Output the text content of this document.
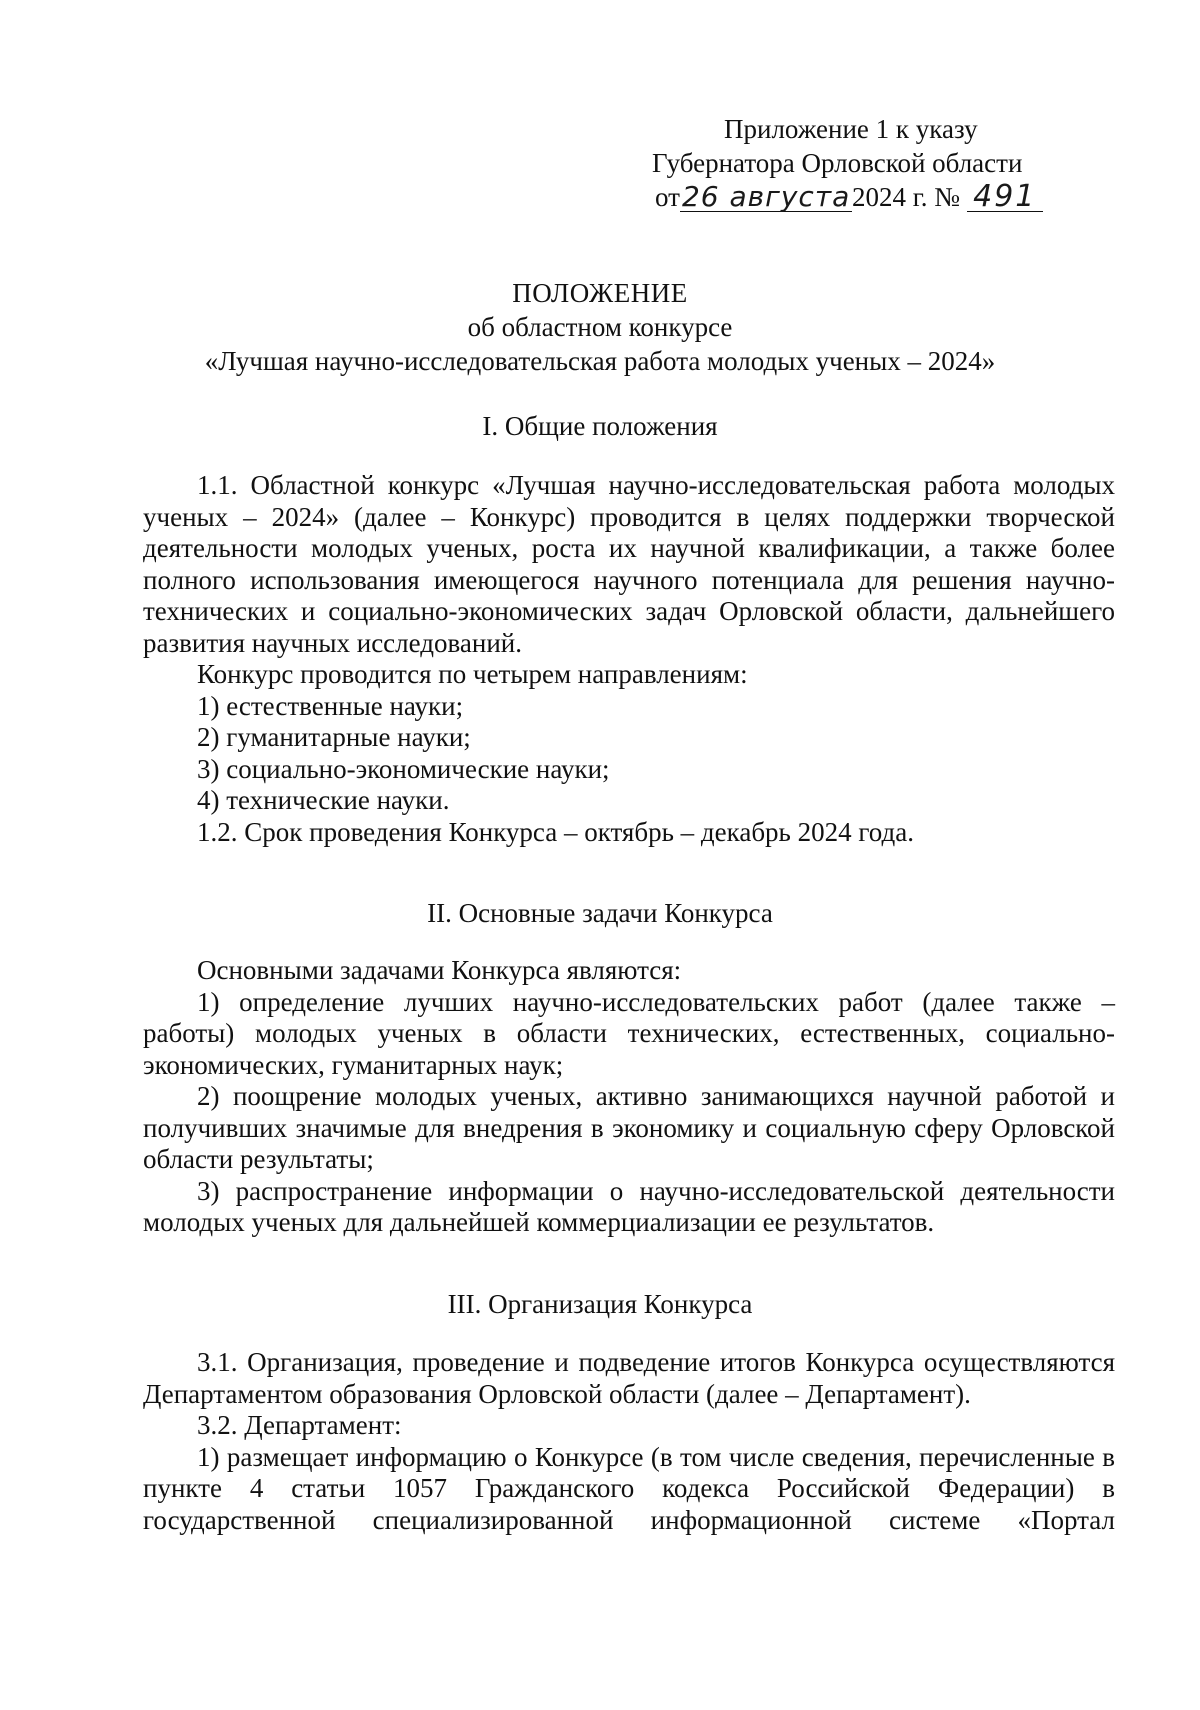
Приложение 1 к указу
Губернатора Орловской области
от26 августа2024 г. № 491
ПОЛОЖЕНИЕ
об областном конкурсе
«Лучшая научно-исследовательская работа молодых ученых – 2024»
I. Общие положения

1.1. Областной конкурс «Лучшая научно-исследовательская работа молодых ученых – 2024» (далее – Конкурс) проводится в целях поддержки творческой деятельности молодых ученых, роста их научной квалификации, а также более полного использования имеющегося научного потенциала для решения научно-технических и социально-экономических задач Орловской области, дальнейшего развития научных исследований.

Конкурс проводится по четырем направлениям:

1) естественные науки;

2) гуманитарные науки;

3) социально-экономические науки;

4) технические науки.

1.2. Срок проведения Конкурса – октябрь – декабрь 2024 года.

II. Основные задачи Конкурса

Основными задачами Конкурса являются:

1) определение лучших научно-исследовательских работ (далее также – работы) молодых ученых в области технических, естественных, социально-экономических, гуманитарных наук;

2) поощрение молодых ученых, активно занимающихся научной работой и получивших значимые для внедрения в экономику и социальную сферу Орловской области результаты;

3) распространение информации о научно-исследовательской деятельности молодых ученых для дальнейшей коммерциализации ее результатов.

III. Организация Конкурса

3.1. Организация, проведение и подведение итогов Конкурса осуществляются Департаментом образования Орловской области (далее – Департамент).

3.2. Департамент:

1) размещает информацию о Конкурсе (в том числе сведения, перечисленные в пункте 4 статьи 1057 Гражданского кодекса Российской Федерации) в государственной специализированной информационной системе «Портал
